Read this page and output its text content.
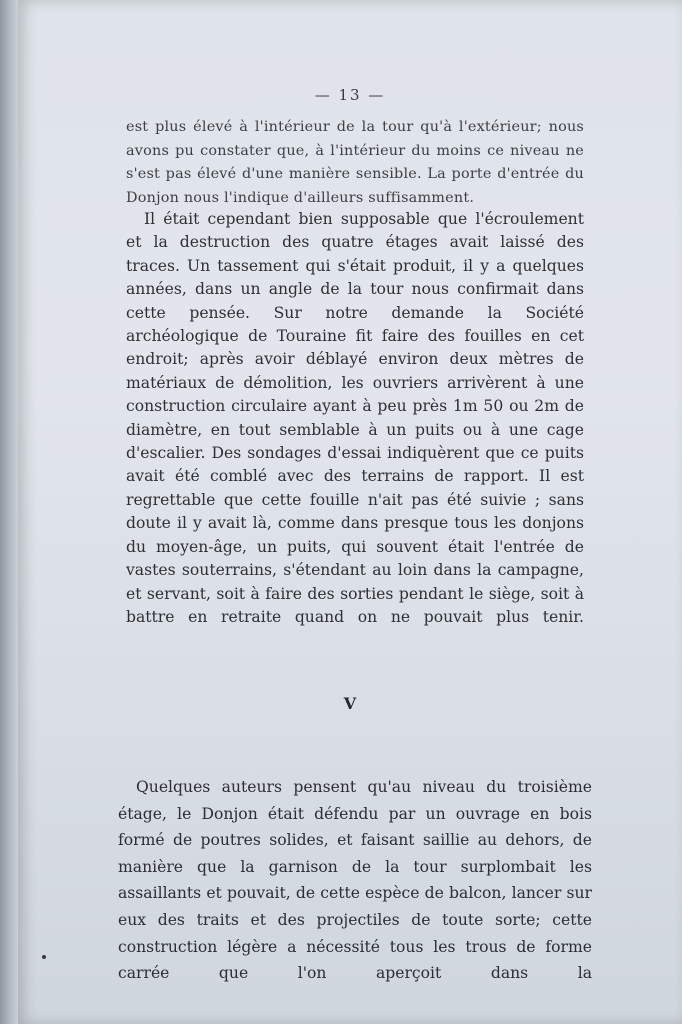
— 13 —

est plus élevé à l'intérieur de la tour qu'à l'extérieur; nous avons pu constater que, à l'intérieur du moins ce niveau ne s'est pas élevé d'une manière sensible. La porte d'entrée du Donjon nous l'indique d'ailleurs suffisamment.

Il était cependant bien supposable que l'écroulement et la destruction des quatre étages avait laissé des traces. Un tassement qui s'était produit, il y a quelques années, dans un angle de la tour nous confirmait dans cette pensée. Sur notre demande la Société archéologique de Touraine fit faire des fouilles en cet endroit; après avoir déblayé environ deux mètres de matériaux de démolition, les ouvriers arrivèrent à une construction circulaire ayant à peu près 1m 50 ou 2m de diamètre, en tout semblable à un puits ou à une cage d'escalier. Des sondages d'essai indiquèrent que ce puits avait été comblé avec des terrains de rapport. Il est regrettable que cette fouille n'ait pas été suivie ; sans doute il y avait là, comme dans presque tous les donjons du moyen-âge, un puits, qui souvent était l'entrée de vastes souterrains, s'étendant au loin dans la campagne, et servant, soit à faire des sorties pendant le siège, soit à battre en retraite quand on ne pouvait plus tenir.

V

Quelques auteurs pensent qu'au niveau du troisième étage, le Donjon était défendu par un ouvrage en bois formé de poutres solides, et faisant saillie au dehors, de manière que la garnison de la tour surplombait les assaillants et pouvait, de cette espèce de balcon, lancer sur eux des traits et des projectiles de toute sorte; cette construction légère a nécessité tous les trous de forme carrée que l'on aperçoit dans la
